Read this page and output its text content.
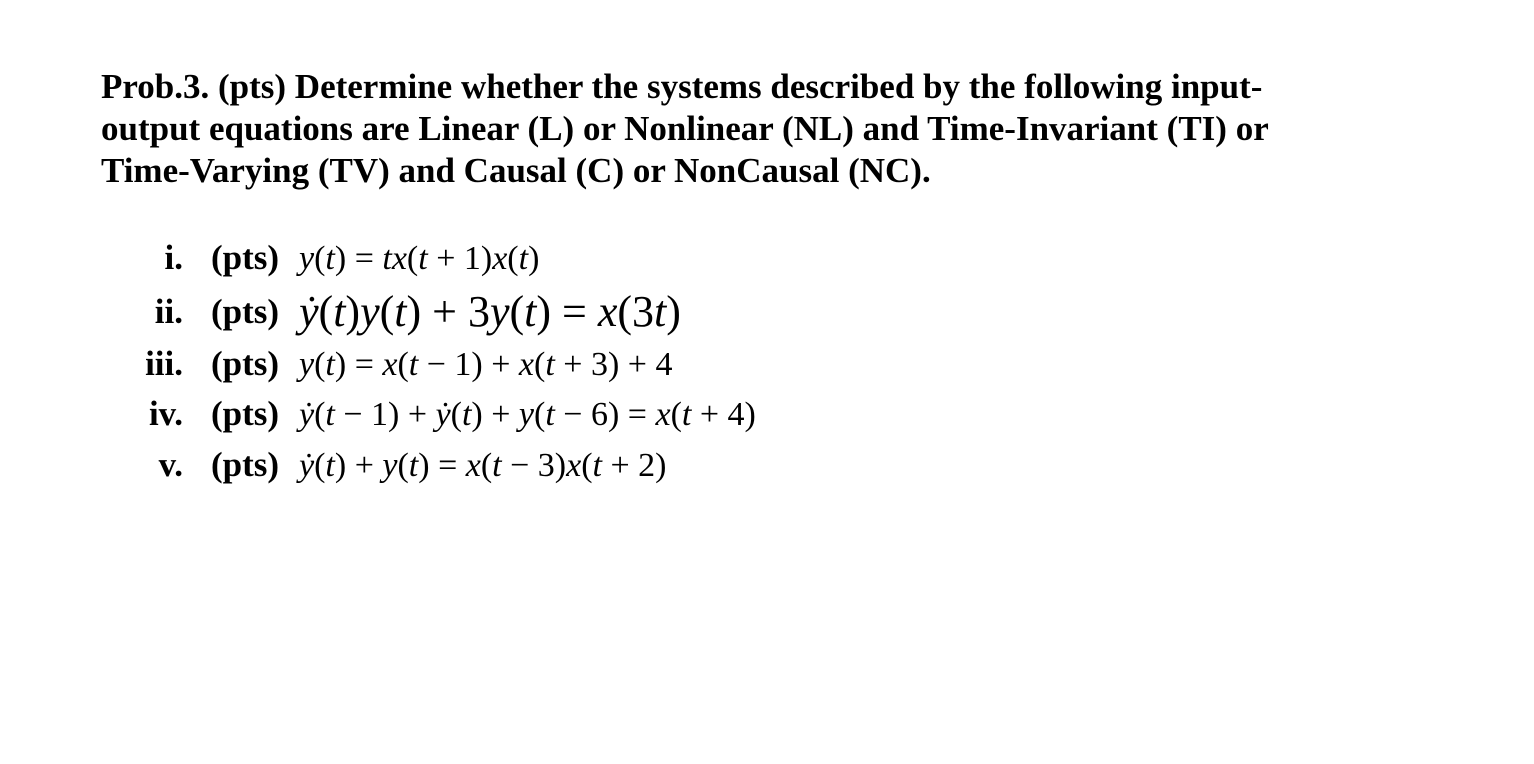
Prob.3. (pts) Determine whether the systems described by the following input-
output equations are Linear (L) or Nonlinear (NL) and Time-Invariant (TI) or
Time-Varying (TV) and Causal (C) or NonCausal (NC).
i. (pts) y(t) = tx(t + 1)x(t)
ii. (pts) ẏ(t)y(t) + 3y(t) = x(3t)
iii. (pts) y(t) = x(t − 1) + x(t + 3) + 4
iv. (pts) ẏ(t − 1) + ẏ(t) + y(t − 6) = x(t + 4)
v. (pts) ẏ(t) + y(t) = x(t − 3)x(t + 2)
